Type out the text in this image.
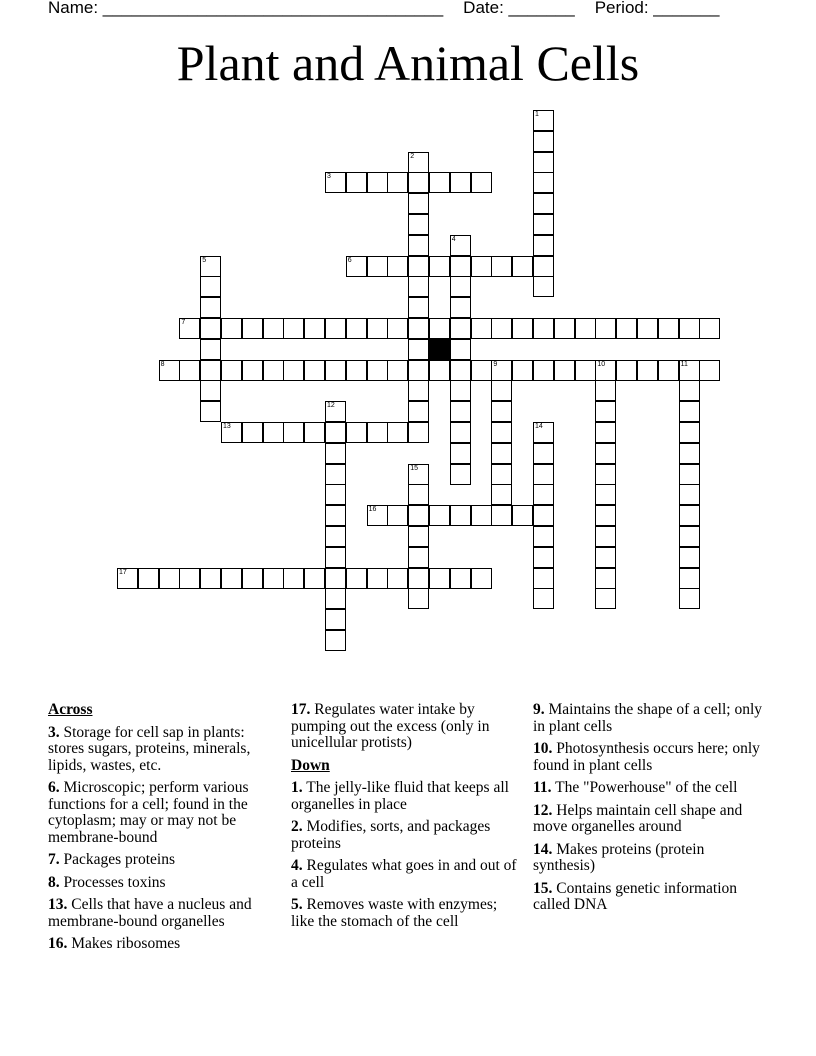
Name: ____________________________________ Date: _______ Period: _______
Plant and Animal Cells
1
2
3
4
5	6
7
8	9	10	11
12
13	14
15
16
17
Across
3. Storage for cell sap in plants: stores sugars, proteins, minerals, lipids, wastes, etc.
6. Microscopic; perform various functions for a cell; found in the cytoplasm; may or may not be membrane-bound
7. Packages proteins
8. Processes toxins
13. Cells that have a nucleus and membrane-bound organelles
16. Makes ribosomes
17. Regulates water intake by pumping out the excess (only in unicellular protists)
Down
1. The jelly-like fluid that keeps all organelles in place
2. Modifies, sorts, and packages proteins
4. Regulates what goes in and out of a cell
5. Removes waste with enzymes; like the stomach of the cell
9. Maintains the shape of a cell; only in plant cells
10. Photosynthesis occurs here; only found in plant cells
11. The "Powerhouse" of the cell
12. Helps maintain cell shape and move organelles around
14. Makes proteins (protein synthesis)
15. Contains genetic information called DNA
